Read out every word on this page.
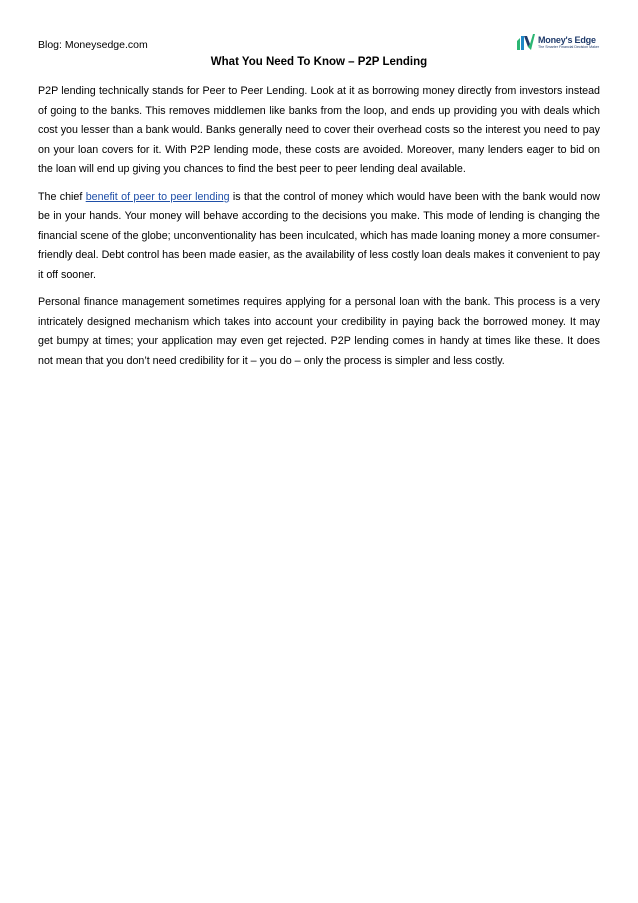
Blog: Moneysedge.com	Money's Edge
The Smarter Financial Decision Maker
What You Need To Know – P2P Lending

P2P lending technically stands for Peer to Peer Lending. Look at it as borrowing money directly from investors instead of going to the banks. This removes middlemen like banks from the loop, and ends up providing you with deals which cost you lesser than a bank would. Banks generally need to cover their overhead costs so the interest you need to pay on your loan covers for it. With P2P lending mode, these costs are avoided. Moreover, many lenders eager to bid on the loan will end up giving you chances to find the best peer to peer lending deal available.

The chief benefit of peer to peer lending is that the control of money which would have been with the bank would now be in your hands. Your money will behave according to the decisions you make. This mode of lending is changing the financial scene of the globe; unconventionality has been inculcated, which has made loaning money a more consumer-friendly deal. Debt control has been made easier, as the availability of less costly loan deals makes it convenient to pay it off sooner.

Personal finance management sometimes requires applying for a personal loan with the bank. This process is a very intricately designed mechanism which takes into account your credibility in paying back the borrowed money. It may get bumpy at times; your application may even get rejected. P2P lending comes in handy at times like these. It does not mean that you don’t need credibility for it – you do – only the process is simpler and less costly.
